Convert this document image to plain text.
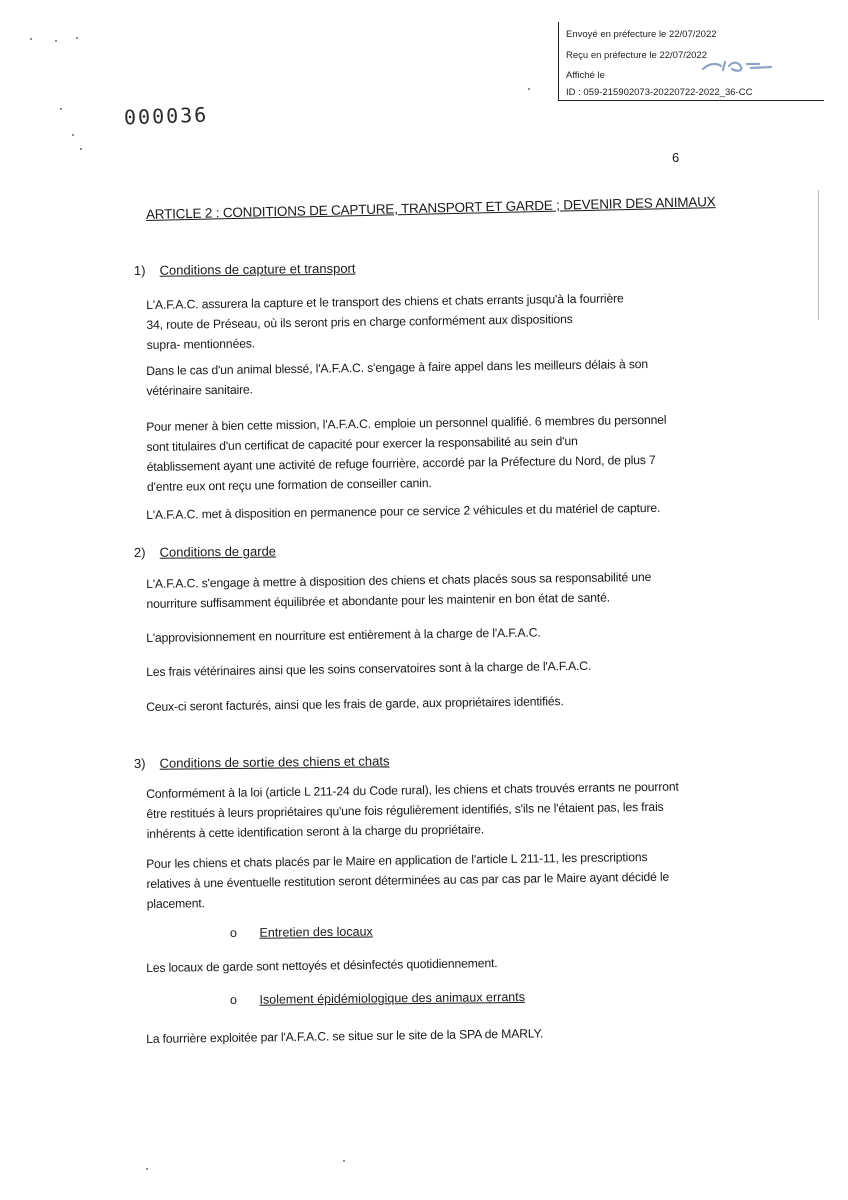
Envoyé en préfecture le 22/07/2022
Reçu en préfecture le 22/07/2022
Affiché le
ID : 059-215902073-20220722-2022_36-CC
000036
6
ARTICLE 2 : CONDITIONS DE CAPTURE, TRANSPORT ET GARDE ; DEVENIR DES ANIMAUX
1) Conditions de capture et transport

L'A.F.A.C. assurera la capture et le transport des chiens et chats errants jusqu'à la fourrière
34, route de Préseau, où ils seront pris en charge conformément aux dispositions
supra- mentionnées.

Dans le cas d'un animal blessé, l'A.F.A.C. s'engage à faire appel dans les meilleurs délais à son
vétérinaire sanitaire.

Pour mener à bien cette mission, l'A.F.A.C. emploie un personnel qualifié. 6 membres du personnel
sont titulaires d'un certificat de capacité pour exercer la responsabilité au sein d'un
établissement ayant une activité de refuge fourrière, accordé par la Préfecture du Nord, de plus 7
d'entre eux ont reçu une formation de conseiller canin.

L'A.F.A.C. met à disposition en permanence pour ce service 2 véhicules et du matériel de capture.

2) Conditions de garde

L'A.F.A.C. s'engage à mettre à disposition des chiens et chats placés sous sa responsabilité une
nourriture suffisamment équilibrée et abondante pour les maintenir en bon état de santé.

L'approvisionnement en nourriture est entièrement à la charge de l'A.F.A.C.

Les frais vétérinaires ainsi que les soins conservatoires sont à la charge de l'A.F.A.C.

Ceux-ci seront facturés, ainsi que les frais de garde, aux propriétaires identifiés.

3) Conditions de sortie des chiens et chats

Conformément à la loi (article L 211-24 du Code rural), les chiens et chats trouvés errants ne pourront
être restitués à leurs propriétaires qu'une fois régulièrement identifiés, s'ils ne l'étaient pas, les frais
inhérents à cette identification seront à la charge du propriétaire.

Pour les chiens et chats placés par le Maire en application de l'article L 211-11, les prescriptions
relatives à une éventuelle restitution seront déterminées au cas par cas par le Maire ayant décidé le
placement.

o Entretien des locaux

Les locaux de garde sont nettoyés et désinfectés quotidiennement.

o Isolement épidémiologique des animaux errants

La fourrière exploitée par l'A.F.A.C. se situe sur le site de la SPA de MARLY.
